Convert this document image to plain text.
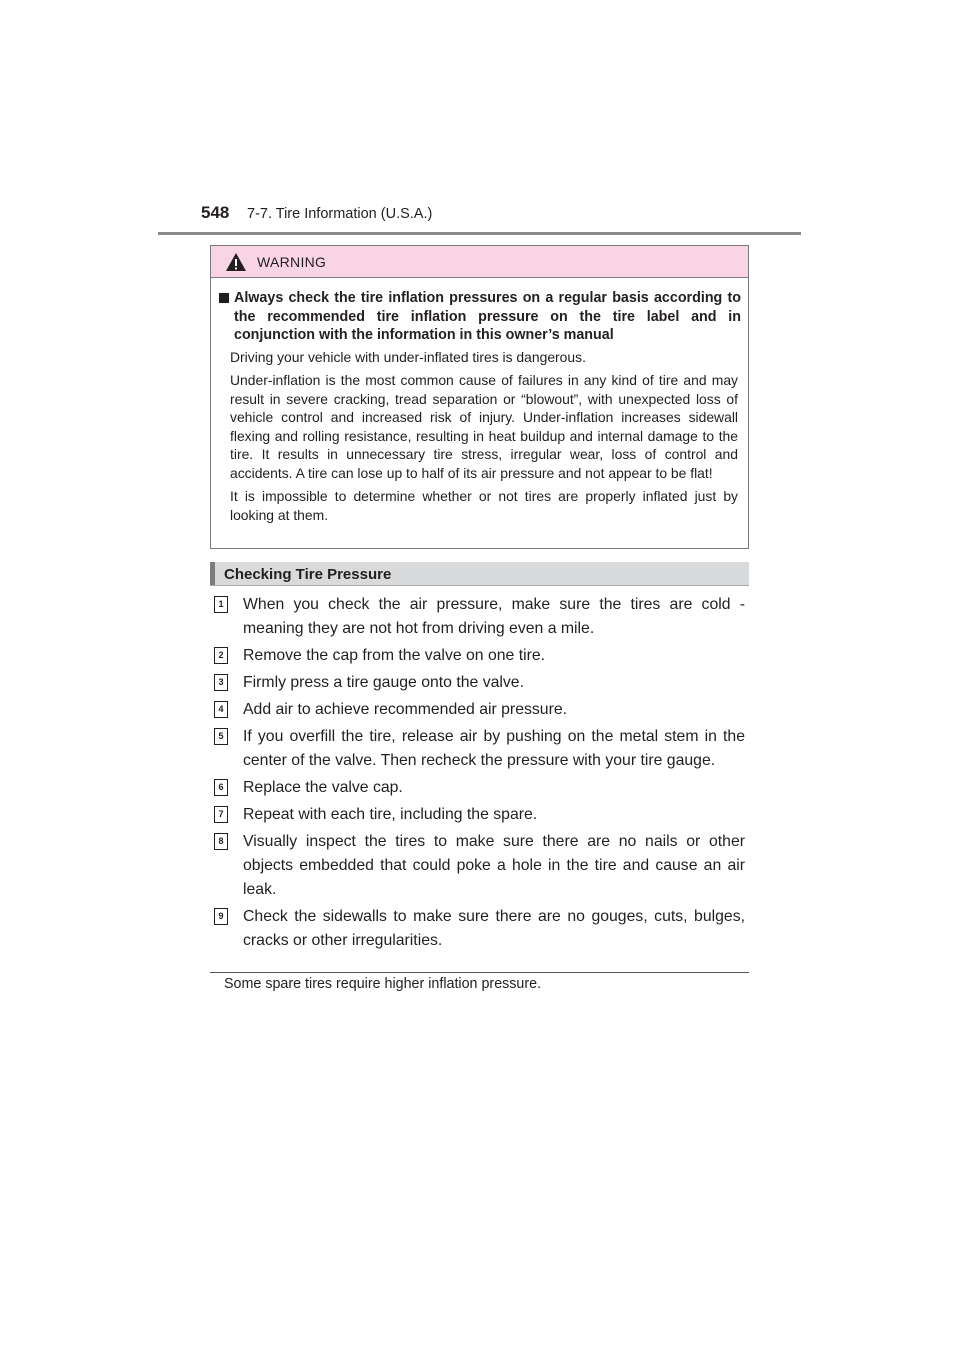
548 7-7. Tire Information (U.S.A.)
WARNING
Always check the tire inflation pressures on a regular basis according to the recommended tire inflation pressure on the tire label and in conjunction with the information in this owner’s manual
Driving your vehicle with under-inflated tires is dangerous.
Under-inflation is the most common cause of failures in any kind of tire and may result in severe cracking, tread separation or “blowout”, with unexpected loss of vehicle control and increased risk of injury. Under-inflation increases sidewall flexing and rolling resistance, resulting in heat buildup and internal damage to the tire. It results in unnecessary tire stress, irregular wear, loss of control and accidents. A tire can lose up to half of its air pressure and not appear to be flat!
It is impossible to determine whether or not tires are properly inflated just by looking at them.
Checking Tire Pressure
1 When you check the air pressure, make sure the tires are cold - meaning they are not hot from driving even a mile.
2 Remove the cap from the valve on one tire.
3 Firmly press a tire gauge onto the valve.
4 Add air to achieve recommended air pressure.
5 If you overfill the tire, release air by pushing on the metal stem in the center of the valve. Then recheck the pressure with your tire gauge.
6 Replace the valve cap.
7 Repeat with each tire, including the spare.
8 Visually inspect the tires to make sure there are no nails or other objects embedded that could poke a hole in the tire and cause an air leak.
9 Check the sidewalls to make sure there are no gouges, cuts, bulges, cracks or other irregularities.
Some spare tires require higher inflation pressure.
